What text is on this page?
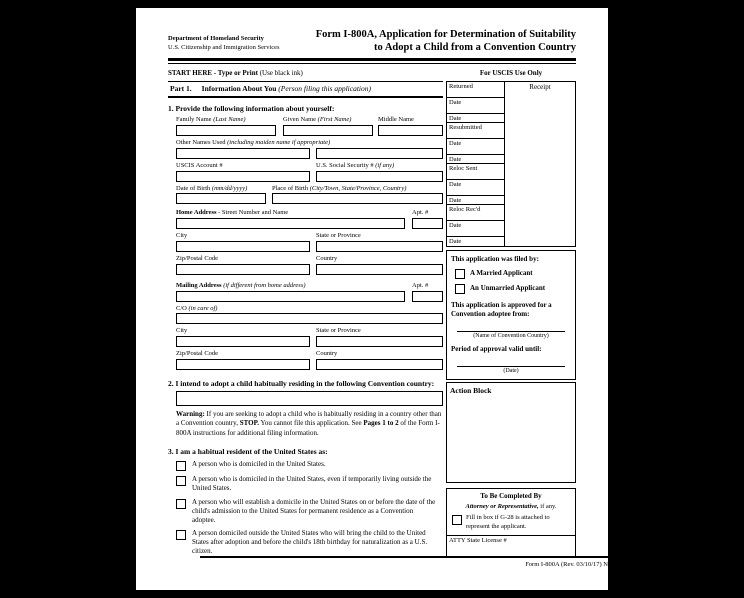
Department of Homeland Security
U.S. Citizenship and Immigration Services
Form I-800A, Application for Determination of Suitability
to Adopt a Child from a Convention Country
START HERE - Type or Print (Use black ink)
Part 1. Information About You (Person filing this application)
1. Provide the following information about yourself:
Family Name (Last Name)	Given Name (First Name)	Middle Name
Other Names Used (including maiden name if appropriate)
USCIS Account #	U.S. Social Security # (if any)
Date of Birth (mm/dd/yyyy)	Place of Birth (City/Town, State/Province, Country)
Home Address - Street Number and Name	Apt. #
City	State or Province
Zip/Postal Code	Country
Mailing Address (if different from home address)	Apt. #
C/O (in care of)
City	State or Province
Zip/Postal Code	Country
2. I intend to adopt a child habitually residing in the following Convention country:
Warning: If you are seeking to adopt a child who is habitually residing in a country other than a Convention country, STOP. You cannot file this application. See Pages 1 to 2 of the Form I-800A instructions for additional filing information.
3. I am a habitual resident of the United States as:
A person who is domiciled in the United States.
A person who is domiciled in the United States, even if temporarily living outside the United States.
A person who will establish a domicile in the United States on or before the date of the child's admission to the United States for permanent residence as a Convention adoptee.
A person domiciled outside the United States who will bring the child to the United States after adoption and before the child's 18th birthday for naturalization as a U.S. citizen.
For USCIS Use Only
Returned
Date
Date
Resubmitted
Date
Date
Reloc Sent
Date
Date
Reloc Rec'd
Date
Date
Receipt
This application was filed by:
A Married Applicant
An Unmarried Applicant
This application is approved for a
Convention adoptee from:
(Name of Convention Country)
Period of approval valid until:
(Date)
Action Block
To Be Completed By
Attorney or Representative, if any.
Fill in box if G-28 is attached to represent the applicant.
ATTY State License #
Form I-800A (Rev. 03/10/17) N
